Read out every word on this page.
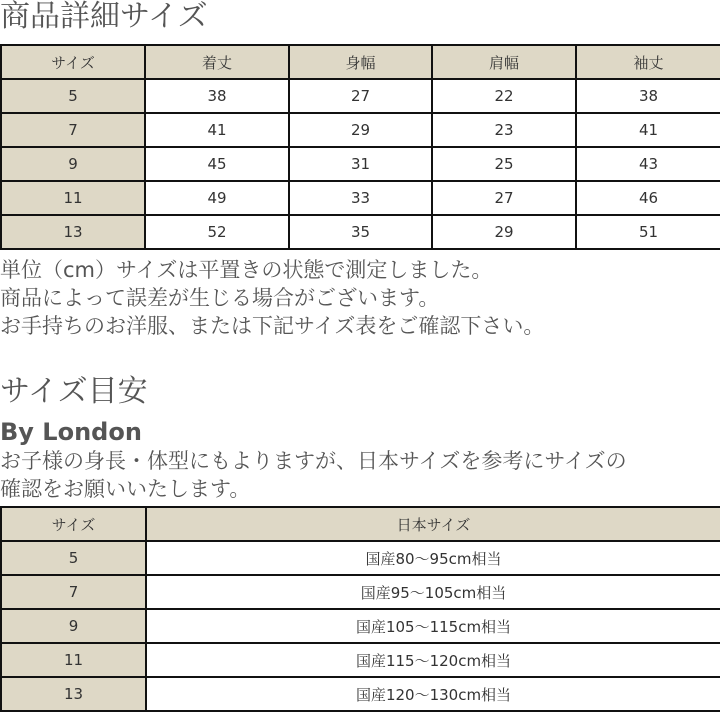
商品詳細サイズ
サイズ	着丈	身幅	肩幅	袖丈
5	38	27	22	38
7	41	29	23	41
9	45	31	25	43
11	49	33	27	46
13	52	35	29	51
単位（cm）サイズは平置きの状態で測定しました。
商品によって誤差が生じる場合がございます。
お手持ちのお洋服、または下記サイズ表をご確認下さい。
サイズ目安
By London
お子様の身長・体型にもよりますが、日本サイズを参考にサイズの
確認をお願いいたします。
サイズ	日本サイズ
5	国産80～95cm相当
7	国産95～105cm相当
9	国産105～115cm相当
11	国産115～120cm相当
13	国産120～130cm相当
